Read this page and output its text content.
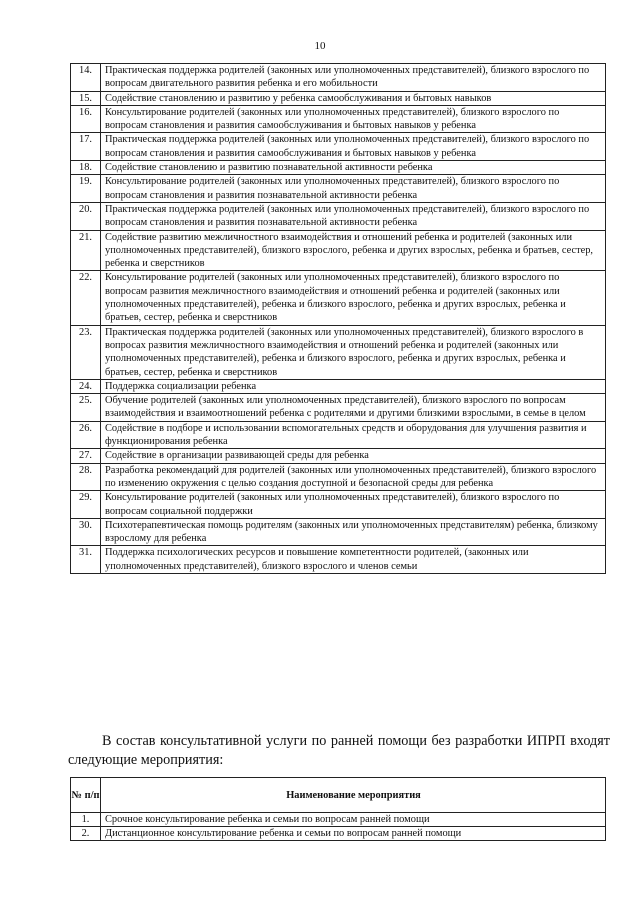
10
14.	Практическая поддержка родителей (законных или уполномоченных представителей), близкого взрослого по вопросам двигательного развития ребенка и его мобильности
15.	Содействие становлению и развитию у ребенка самообслуживания и бытовых навыков
16.	Консультирование родителей (законных или уполномоченных представителей), близкого взрослого по вопросам становления и развития самообслуживания и бытовых навыков у ребенка
17.	Практическая поддержка родителей (законных или уполномоченных представителей), близкого взрослого по вопросам становления и развития самообслуживания и бытовых навыков у ребенка
18.	Содействие становлению и развитию познавательной активности ребенка
19.	Консультирование родителей (законных или уполномоченных представителей), близкого взрослого по вопросам становления и развития познавательной активности ребенка
20.	Практическая поддержка родителей (законных или уполномоченных представителей), близкого взрослого по вопросам становления и развития познавательной активности ребенка
21.	Содействие развитию межличностного взаимодействия и отношений ребенка и родителей (законных или уполномоченных представителей), близкого взрослого, ребенка и других взрослых, ребенка и братьев, сестер, ребенка и сверстников
22.	Консультирование родителей (законных или уполномоченных представителей), близкого взрослого по вопросам развития межличностного взаимодействия и отношений ребенка и родителей (законных или уполномоченных представителей), ребенка и близкого взрослого, ребенка и других взрослых, ребенка и братьев, сестер, ребенка и сверстников
23.	Практическая поддержка родителей (законных или уполномоченных представителей), близкого взрослого в вопросах развития межличностного взаимодействия и отношений ребенка и родителей (законных или уполномоченных представителей), ребенка и близкого взрослого, ребенка и других взрослых, ребенка и братьев, сестер, ребенка и сверстников
24.	Поддержка социализации ребенка
25.	Обучение родителей (законных или уполномоченных представителей), близкого взрослого по вопросам взаимодействия и взаимоотношений ребенка с родителями и другими близкими взрослыми, в семье в целом
26.	Содействие в подборе и использовании вспомогательных средств и оборудования для улучшения развития и функционирования ребенка
27.	Содействие в организации развивающей среды для ребенка
28.	Разработка рекомендаций для родителей (законных или уполномоченных представителей), близкого взрослого по изменению окружения с целью создания доступной и безопасной среды для ребенка
29.	Консультирование родителей (законных или уполномоченных представителей), близкого взрослого по вопросам социальной поддержки
30.	Психотерапевтическая помощь родителям (законных или уполномоченных представителям) ребенка, близкому взрослому для ребенка
31.	Поддержка психологических ресурсов и повышение компетентности родителей, (законных или уполномоченных представителей), близкого взрослого и членов семьи
В состав консультативной услуги по ранней помощи без разработки ИПРП входят следующие мероприятия:
№ п/п	Наименование мероприятия
1.	Срочное консультирование ребенка и семьи по вопросам ранней помощи
2.	Дистанционное консультирование ребенка и семьи по вопросам ранней помощи
